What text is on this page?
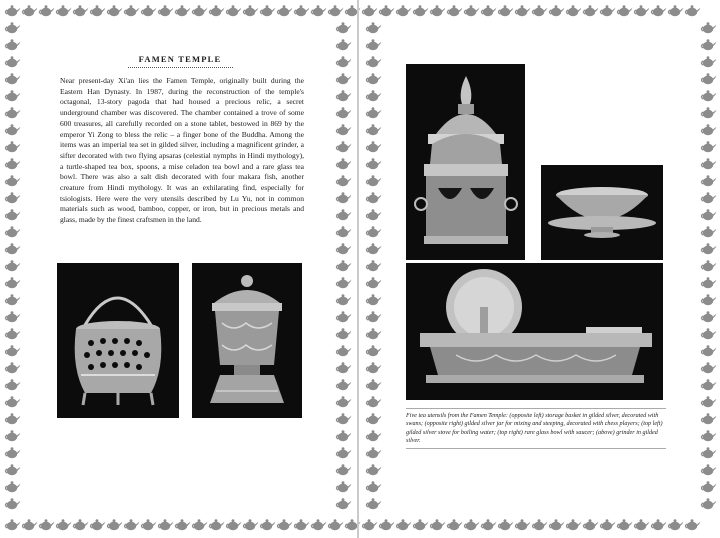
FAMEN TEMPLE

Near present-day Xi'an lies the Famen Temple, originally built during the Eastern Han Dynasty. In 1987, during the reconstruction of the temple's octagonal, 13-story pagoda that had housed a precious relic, a secret underground chamber was discovered. The chamber contained a trove of some 600 treasures, all carefully recorded on a stone tablet, bestowed in 869 by the emperor Yi Zong to bless the relic – a finger bone of the Buddha. Among the items was an imperial tea set in gilded silver, including a magnificent grinder, a sifter decorated with two flying apsaras (celestial nymphs in Hindi mythology), a turtle-shaped tea box, spoons, a mise celadon tea bowl and a rare glass tea bowl. There was also a salt dish decorated with four makara fish, another creature from Hindi mythology. It was an exhilarating find, especially for tsiologists. Here were the very utensils described by Lu Yu, not in common materials such as wood, bamboo, copper, or iron, but in precious metals and glass, made by the finest craftsmen in the land.

Five tea utensils from the Famen Temple: (opposite left) storage basket in gilded silver, decorated with swans; (opposite right) gilded silver jar for mixing and steeping, decorated with chess players; (top left) gilded silver stove for boiling water; (top right) rare glass bowl with saucer; (above) grinder in gilded silver.
